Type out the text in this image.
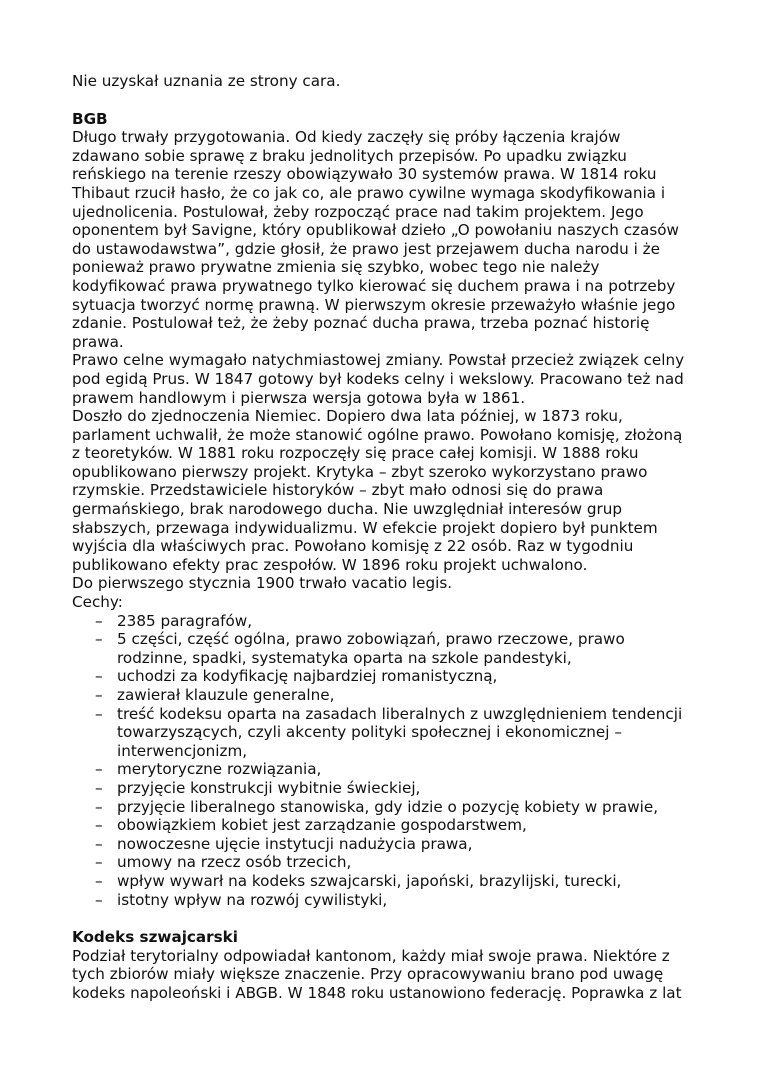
Nie uzyskał uznania ze strony cara.

BGB

Długo trwały przygotowania. Od kiedy zaczęły się próby łączenia krajów zdawano sobie sprawę z braku jednolitych przepisów. Po upadku związku reńskiego na terenie rzeszy obowiązywało 30 systemów prawa. W 1814 roku Thibaut rzucił hasło, że co jak co, ale prawo cywilne wymaga skodyfikowania i ujednolicenia. Postulował, żeby rozpocząć prace nad takim projektem. Jego oponentem był Savigne, który opublikował dzieło „O powołaniu naszych czasów do ustawodawstwa”, gdzie głosił, że prawo jest przejawem ducha narodu i że ponieważ prawo prywatne zmienia się szybko, wobec tego nie należy kodyfikować prawa prywatnego tylko kierować się duchem prawa i na potrzeby sytuacja tworzyć normę prawną. W pierwszym okresie przeważyło właśnie jego zdanie. Postulował też, że żeby poznać ducha prawa, trzeba poznać historię prawa.

Prawo celne wymagało natychmiastowej zmiany. Powstał przecież związek celny pod egidą Prus. W 1847 gotowy był kodeks celny i wekslowy. Pracowano też nad prawem handlowym i pierwsza wersja gotowa była w 1861.

Doszło do zjednoczenia Niemiec. Dopiero dwa lata później, w 1873 roku, parlament uchwalił, że może stanowić ogólne prawo. Powołano komisję, złożoną z teoretyków. W 1881 roku rozpoczęły się prace całej komisji. W 1888 roku opublikowano pierwszy projekt. Krytyka – zbyt szeroko wykorzystano prawo rzymskie. Przedstawiciele historyków – zbyt mało odnosi się do prawa germańskiego, brak narodowego ducha. Nie uwzględniał interesów grup słabszych, przewaga indywidualizmu. W efekcie projekt dopiero był punktem wyjścia dla właściwych prac. Powołano komisję z 22 osób. Raz w tygodniu publikowano efekty prac zespołów. W 1896 roku projekt uchwalono.

Do pierwszego stycznia 1900 trwało vacatio legis.

Cechy:

– 2385 paragrafów,
– 5 części, część ogólna, prawo zobowiązań, prawo rzeczowe, prawo rodzinne, spadki, systematyka oparta na szkole pandestyki,
– uchodzi za kodyfikację najbardziej romanistyczną,
– zawierał klauzule generalne,
– treść kodeksu oparta na zasadach liberalnych z uwzględnieniem tendencji towarzyszących, czyli akcenty polityki społecznej i ekonomicznej – interwencjonizm,
– merytoryczne rozwiązania,
– przyjęcie konstrukcji wybitnie świeckiej,
– przyjęcie liberalnego stanowiska, gdy idzie o pozycję kobiety w prawie,
– obowiązkiem kobiet jest zarządzanie gospodarstwem,
– nowoczesne ujęcie instytucji nadużycia prawa,
– umowy na rzecz osób trzecich,
– wpływ wywarł na kodeks szwajcarski, japoński, brazylijski, turecki,
– istotny wpływ na rozwój cywilistyki,

Kodeks szwajcarski

Podział terytorialny odpowiadał kantonom, każdy miał swoje prawa. Niektóre z tych zbiorów miały większe znaczenie. Przy opracowywaniu brano pod uwagę kodeks napoleoński i ABGB. W 1848 roku ustanowiono federację. Poprawka z lat
